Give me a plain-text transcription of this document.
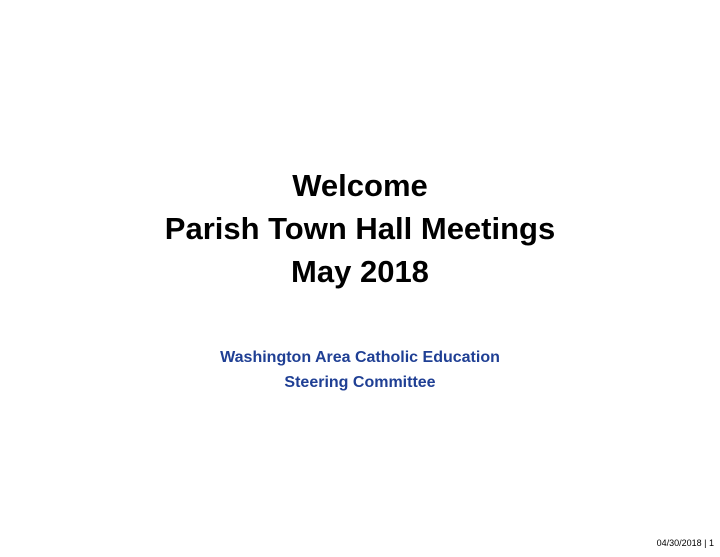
Welcome
Parish Town Hall Meetings
May 2018
Washington Area Catholic Education
Steering Committee
04/30/2018 | 1
